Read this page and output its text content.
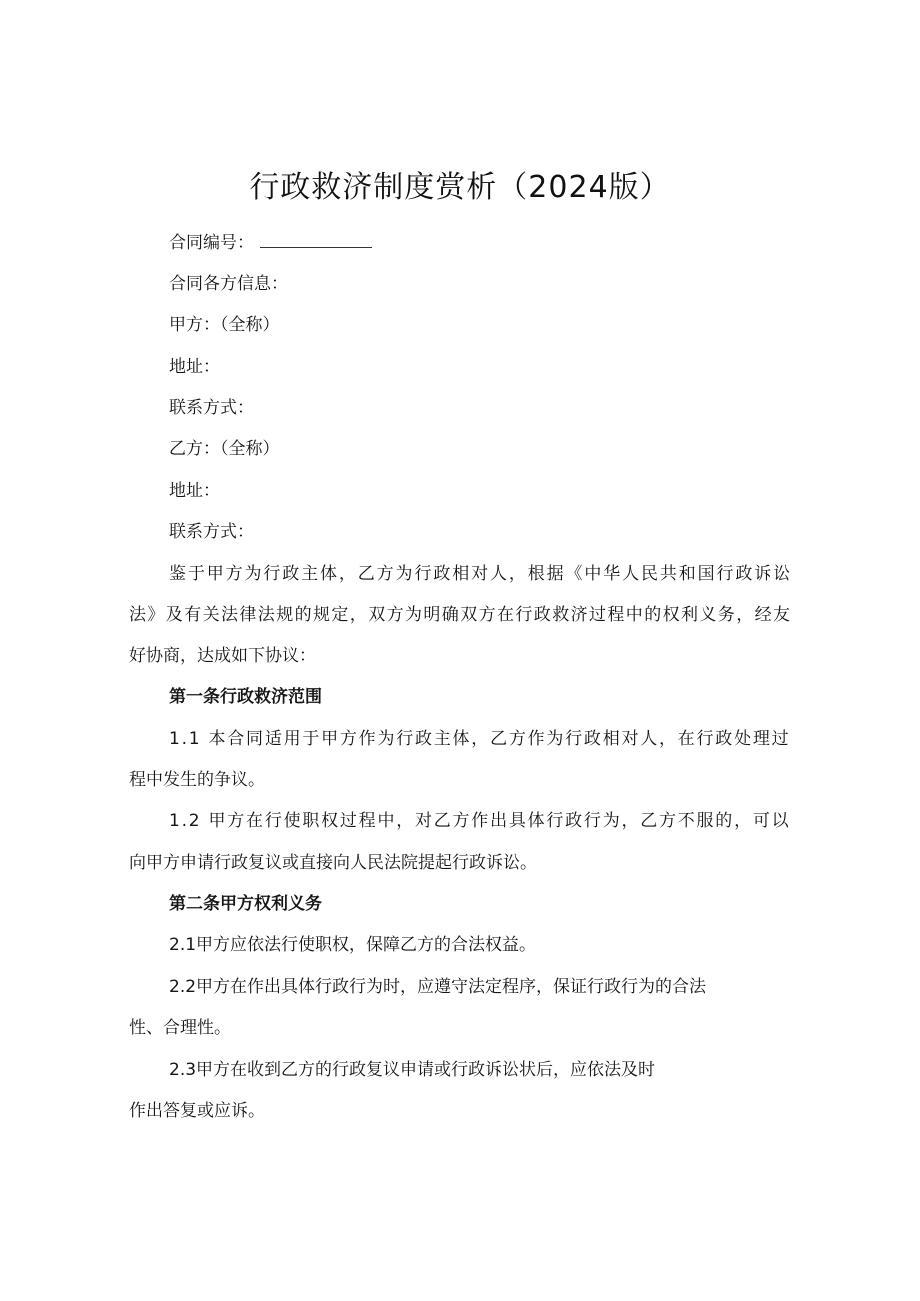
行政救济制度赏析（2024版）
合同编号：
合同各方信息：
甲方：（全称）
地址：
联系方式：
乙方：（全称）
地址：
联系方式：
鉴于甲方为行政主体，乙方为行政相对人，根据《中华人民共和国行政诉讼
法》及有关法律法规的规定，双方为明确双方在行政救济过程中的权利义务，经友
好协商，达成如下协议：
第一条行政救济范围
1.1 本合同适用于甲方作为行政主体，乙方作为行政相对人，在行政处理过
程中发生的争议。
1.2 甲方在行使职权过程中，对乙方作出具体行政行为，乙方不服的，可以
向甲方申请行政复议或直接向人民法院提起行政诉讼。
第二条甲方权利义务
2.1甲方应依法行使职权，保障乙方的合法权益。
2.2甲方在作出具体行政行为时，应遵守法定程序，保证行政行为的合法
性、合理性。
2.3甲方在收到乙方的行政复议申请或行政诉讼状后，应依法及时
作出答复或应诉。
